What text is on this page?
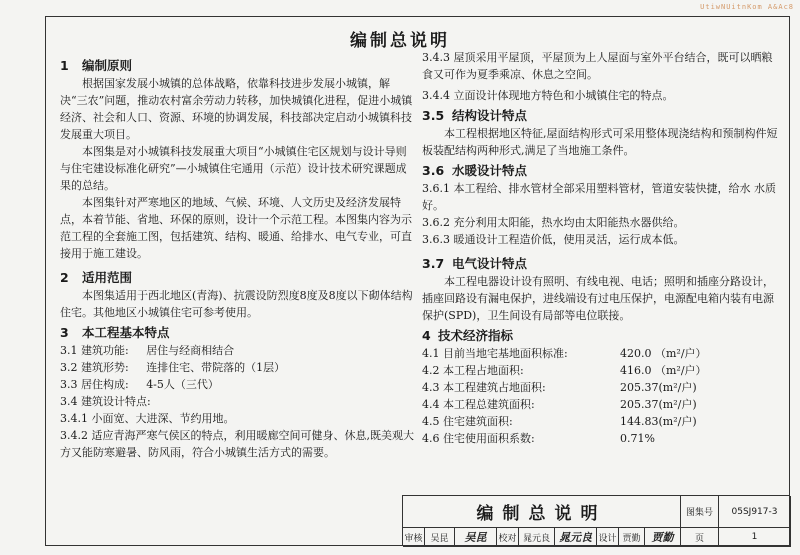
UtiwNUitnKom A&Ac8
编制总说明
1 编制原则

根据国家发展小城镇的总体战略，依靠科技进步发展小城镇，解决“三农”问题，推动农村富余劳动力转移，加快城镇化进程，促进小城镇经济、社会和人口、资源、环境的协调发展，科技部决定启动小城镇科技发展重大项目。

本图集是对小城镇科技发展重大项目“小城镇住宅区规划与设计导则与住宅建设标准化研究”—小城镇住宅通用（示范）设计技术研究课题成果的总结。

本图集针对严寒地区的地域、气候、环境、人文历史及经济发展特点，本着节能、省地、环保的原则，设计一个示范工程。本图集内容为示范工程的全套施工图，包括建筑、结构、暖通、给排水、电气专业，可直接用于施工建设。

2 适用范围

本图集适用于西北地区(青海)、抗震设防烈度8度及8度以下砌体结构住宅。其他地区小城镇住宅可参考使用。

3 本工程基本特点
3.1 建筑功能: 居住与经商相结合
3.2 建筑形势: 连排住宅、带院落的（1层）
3.3 居住构成: 4-5人（三代）

3.4 建筑设计特点:

3.4.1 小面宽、大进深、节约用地。

3.4.2 适应青海严寒气侯区的特点，利用暖廊空间可健身、休息,既美观大方又能防寒避暑、防风雨，符合小城镇生活方式的需要。

3.4.3 屋顶采用平屋顶，平屋顶为上人屋面与室外平台结合，既可以晒粮食又可作为夏季乘凉、休息之空间。

3.4.4 立面设计体现地方特色和小城镇住宅的特点。

3.5 结构设计特点

本工程根据地区特征,屋面结构形式可采用整体现浇结构和预制构件短板装配结构两种形式,满足了当地施工条件。

3.6 水暖设计特点

3.6.1 本工程给、排水管材全部采用塑料管材，管道安装快捷，给水 水质好。

3.6.2 充分利用太阳能，热水均由太阳能热水器供给。

3.6.3 暖通设计工程造价低，使用灵活，运行成本低。

3.7 电气设计特点

本工程电器设计设有照明、有线电视、电话；照明和插座分路设计，插座回路设有漏电保护，进线端设有过电压保护，电源配电箱内装有电源保护(SPD)，卫生间设有局部等电位联接。

4 技术经济指标
4.1 目前当地宅基地面积标准:	420.0 （m²/户）
4.2 本工程占地面积:	416.0 （m²/户）
4.3 本工程建筑占地面积:	205.37(m²/户)
4.4 本工程总建筑面积:	205.37(m²/户)
4.5 住宅建筑面积:	144.83(m²/户)
4.6 住宅使用面积系数:	0.71%
编制总说明	图集号	05SJ917-3
审核 吴昆	吴昆 校对 晁元良 晁元良 设计 贾勤	贾勤	页	1
